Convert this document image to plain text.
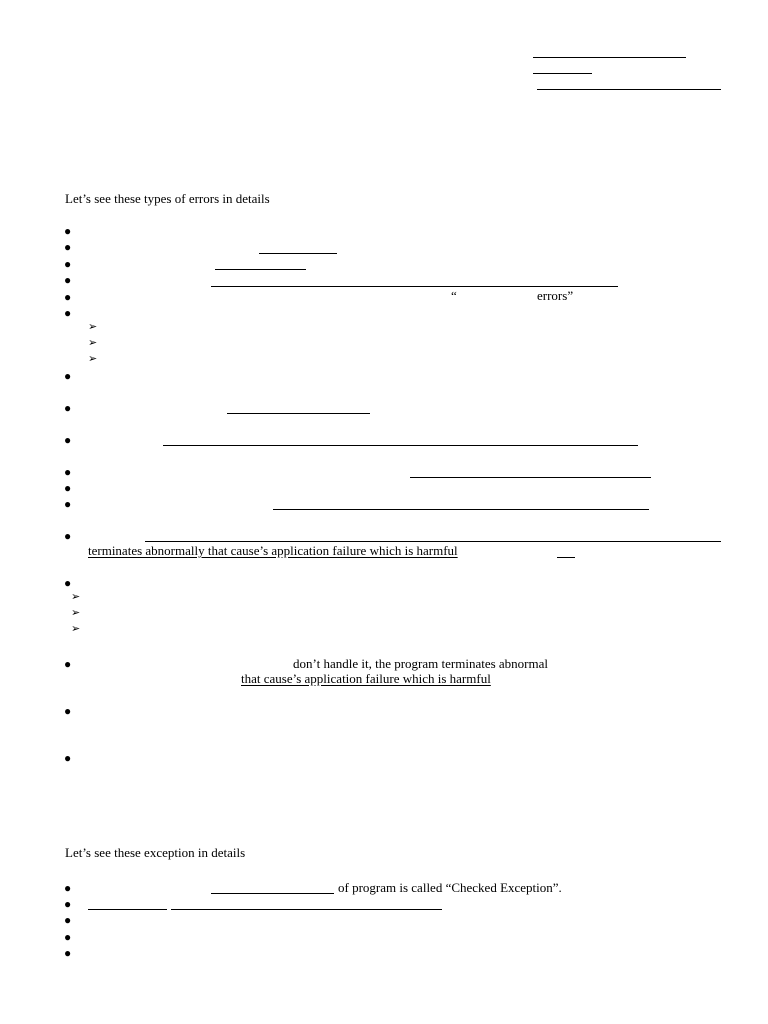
Let’s see these types of errors in details
●
●
●
●
●	“	errors”
●
➢
➢
➢
●
●
●
●
●
●
●
terminates abnormally that cause’s application failure which is harmful
●
➢
➢
➢
●	don’t handle it, the program terminates abnormal
that cause’s application failure which is harmful
●
●
Let’s see these exception in details
●	of program is called “Checked Exception”.
●
●
●
●
